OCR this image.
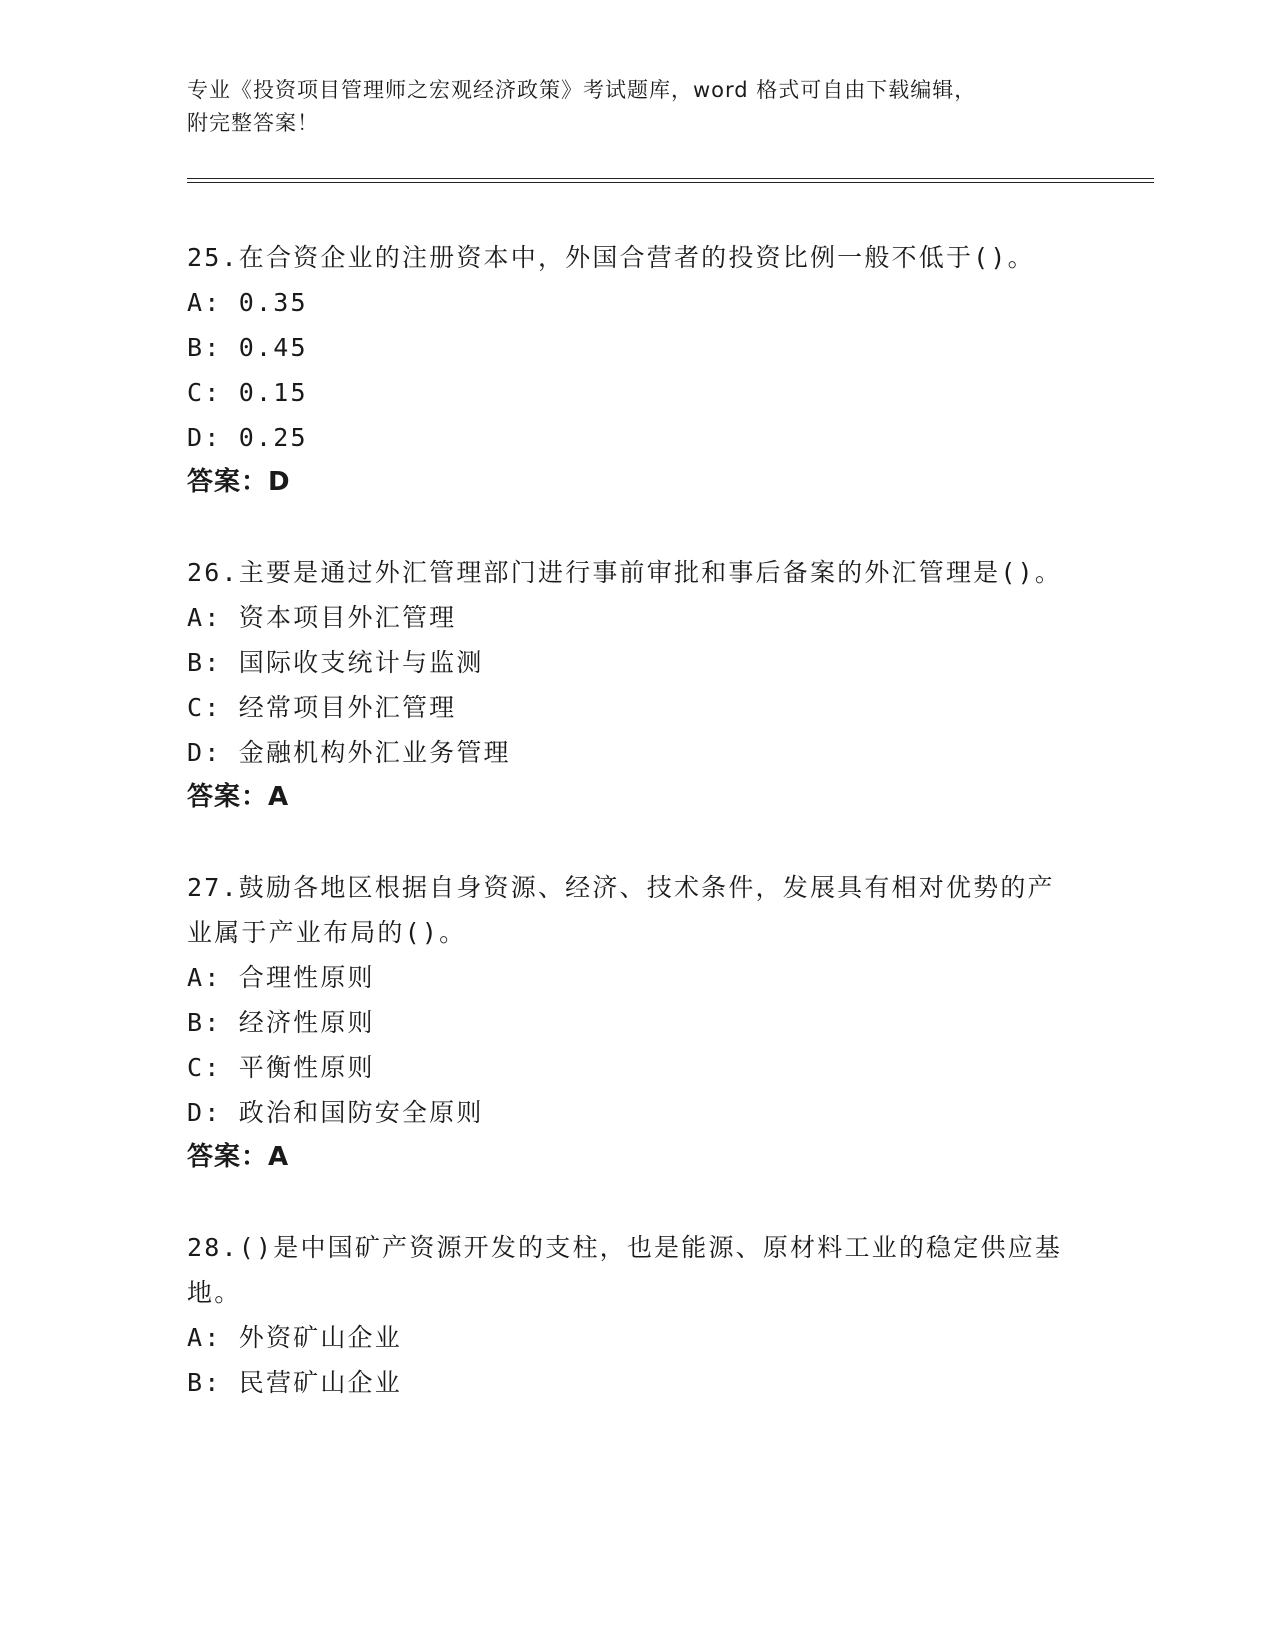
专业《投资项目管理师之宏观经济政策》考试题库，word 格式可自由下载编辑，
附完整答案！
25.在合资企业的注册资本中，外国合营者的投资比例一般不低于()。
A: 0.35
B: 0.45
C: 0.15
D: 0.25
答案：D
26.主要是通过外汇管理部门进行事前审批和事后备案的外汇管理是()。
A: 资本项目外汇管理
B: 国际收支统计与监测
C: 经常项目外汇管理
D: 金融机构外汇业务管理
答案：A
27.鼓励各地区根据自身资源、经济、技术条件，发展具有相对优势的产业属于产业布局的()。
A: 合理性原则
B: 经济性原则
C: 平衡性原则
D: 政治和国防安全原则
答案：A
28.()是中国矿产资源开发的支柱，也是能源、原材料工业的稳定供应基地。
A: 外资矿山企业
B: 民营矿山企业
